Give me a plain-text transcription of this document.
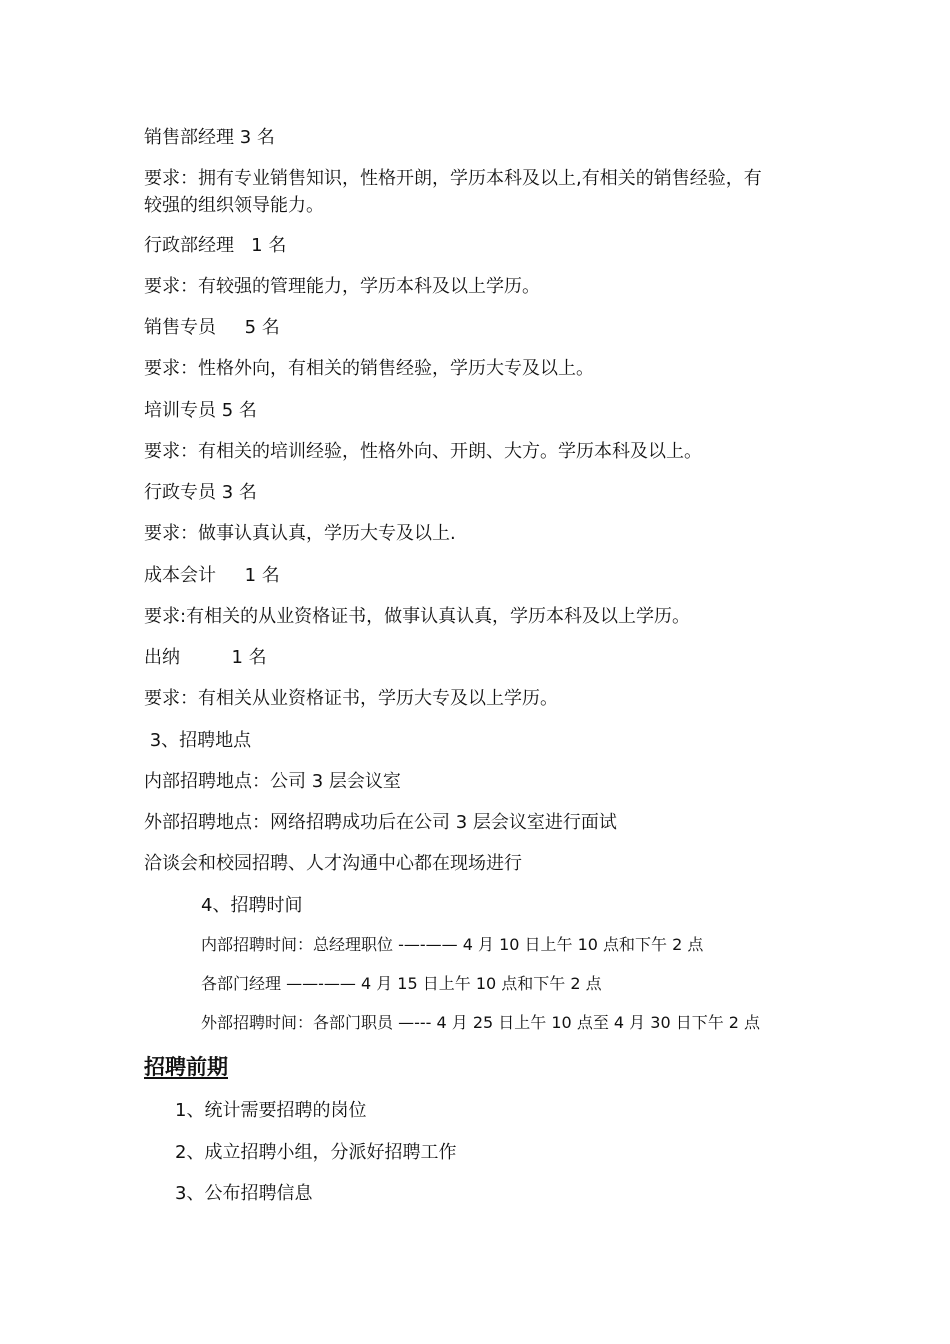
销售部经理 3 名
要求：拥有专业销售知识，性格开朗，学历本科及以上,有相关的销售经验，有
较强的组织领导能力。
行政部经理   1 名
要求：有较强的管理能力，学历本科及以上学历。
销售专员     5 名
要求：性格外向，有相关的销售经验，学历大专及以上。
培训专员 5 名
要求：有相关的培训经验，性格外向、开朗、大方。学历本科及以上。
行政专员 3 名
要求：做事认真认真，学历大专及以上.
成本会计     1 名
要求:有相关的从业资格证书，做事认真认真，学历本科及以上学历。
出纳         1 名
要求：有相关从业资格证书，学历大专及以上学历。
3、招聘地点
内部招聘地点：公司 3 层会议室
外部招聘地点：网络招聘成功后在公司 3 层会议室进行面试
洽谈会和校园招聘、人才沟通中心都在现场进行
4、招聘时间
内部招聘时间：总经理职位 -—-—— 4 月 10 日上午 10 点和下午 2 点
各部门经理 ——-—— 4 月 15 日上午 10 点和下午 2 点
外部招聘时间：各部门职员 —--- 4 月 25 日上午 10 点至 4 月 30 日下午 2 点
招聘前期
1、统计需要招聘的岗位
2、成立招聘小组，分派好招聘工作
3、公布招聘信息
